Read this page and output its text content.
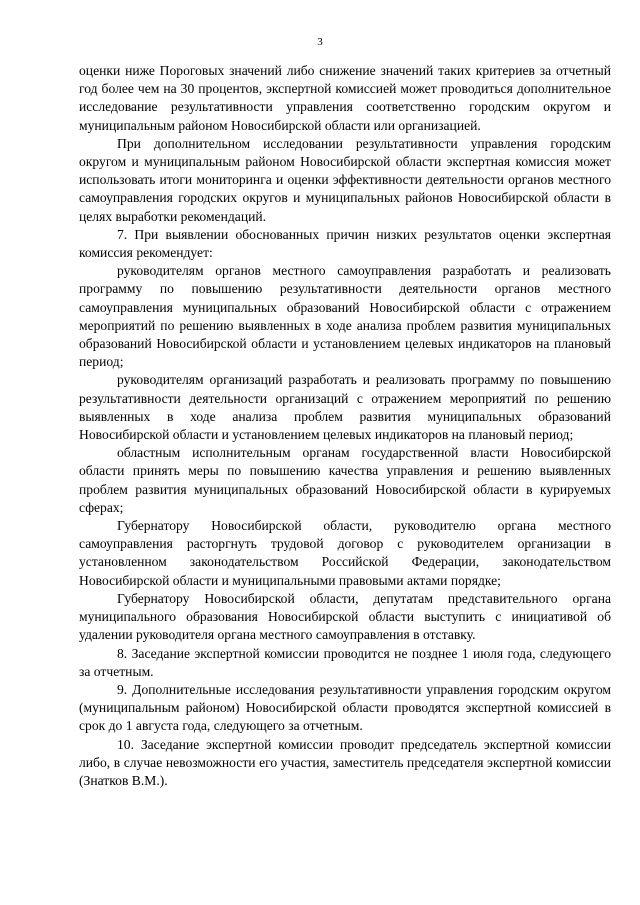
3

оценки ниже Пороговых значений либо снижение значений таких критериев за отчетный год более чем на 30 процентов, экспертной комиссией может проводиться дополнительное исследование результативности управления соответственно городским округом и муниципальным районом Новосибирской области или организацией.

При дополнительном исследовании результативности управления городским округом и муниципальным районом Новосибирской области экспертная комиссия может использовать итоги мониторинга и оценки эффективности деятельности органов местного самоуправления городских округов и муниципальных районов Новосибирской области в целях выработки рекомендаций.

7. При выявлении обоснованных причин низких результатов оценки экспертная комиссия рекомендует:

руководителям органов местного самоуправления разработать и реализовать программу по повышению результативности деятельности органов местного самоуправления муниципальных образований Новосибирской области с отражением мероприятий по решению выявленных в ходе анализа проблем развития муниципальных образований Новосибирской области и установлением целевых индикаторов на плановый период;

руководителям организаций разработать и реализовать программу по повышению результативности деятельности организаций с отражением мероприятий по решению выявленных в ходе анализа проблем развития муниципальных образований Новосибирской области и установлением целевых индикаторов на плановый период;

областным исполнительным органам государственной власти Новосибирской области принять меры по повышению качества управления и решению выявленных проблем развития муниципальных образований Новосибирской области в курируемых сферах;

Губернатору Новосибирской области, руководителю органа местного самоуправления расторгнуть трудовой договор с руководителем организации в установленном законодательством Российской Федерации, законодательством Новосибирской области и муниципальными правовыми актами порядке;

Губернатору Новосибирской области, депутатам представительного органа муниципального образования Новосибирской области выступить с инициативой об удалении руководителя органа местного самоуправления в отставку.

8. Заседание экспертной комиссии проводится не позднее 1 июля года, следующего за отчетным.

9. Дополнительные исследования результативности управления городским округом (муниципальным районом) Новосибирской области проводятся экспертной комиссией в срок до 1 августа года, следующего за отчетным.

10. Заседание экспертной комиссии проводит председатель экспертной комиссии либо, в случае невозможности его участия, заместитель председателя экспертной комиссии (Знатков В.М.).
